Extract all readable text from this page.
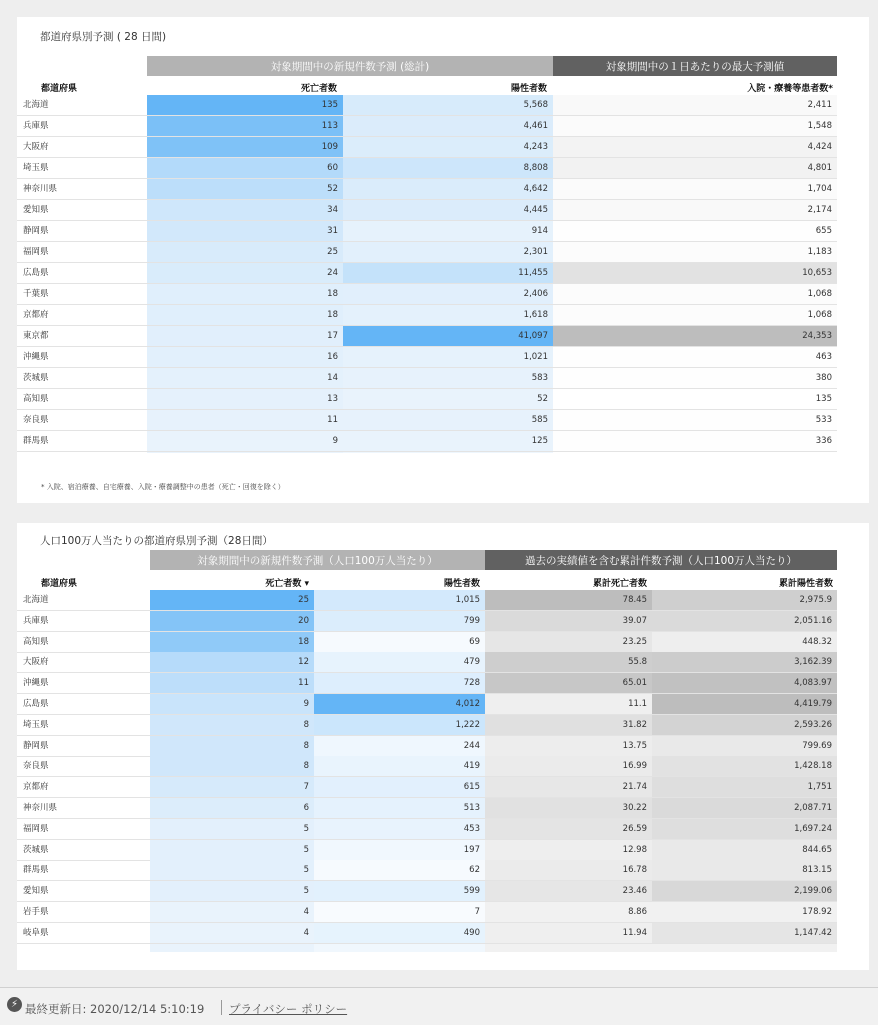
都道府県別予測 ( 28 日間)
対象期間中の新規件数予測 (総計)	対象期間中の１日あたりの最大予測値
都道府県	死亡者数	陽性者数	入院・療養等患者数*
北海道	135	5,568	2,411
兵庫県	113	4,461	1,548
大阪府	109	4,243	4,424
埼玉県	60	8,808	4,801
神奈川県	52	4,642	1,704
愛知県	34	4,445	2,174
静岡県	31	914	655
福岡県	25	2,301	1,183
広島県	24	11,455	10,653
千葉県	18	2,406	1,068
京都府	18	1,618	1,068
東京都	17	41,097	24,353
沖縄県	16	1,021	463
茨城県	14	583	380
高知県	13	52	135
奈良県	11	585	533
群馬県	9	125	336
* 入院、宿泊療養、自宅療養、入院・療養調整中の患者（死亡・回復を除く）
人口100万人当たりの都道府県別予測（28日間）
対象期間中の新規件数予測（人口100万人当たり）	過去の実績値を含む累計件数予測（人口100万人当たり）
都道府県	死亡者数 ▾	陽性者数	累計死亡者数	累計陽性者数
北海道	25	1,015	78.45	2,975.9
兵庫県	20	799	39.07	2,051.16
高知県	18	69	23.25	448.32
大阪府	12	479	55.8	3,162.39
沖縄県	11	728	65.01	4,083.97
広島県	9	4,012	11.1	4,419.79
埼玉県	8	1,222	31.82	2,593.26
静岡県	8	244	13.75	799.69
奈良県	8	419	16.99	1,428.18
京都府	7	615	21.74	1,751
神奈川県	6	513	30.22	2,087.71
福岡県	5	453	26.59	1,697.24
茨城県	5	197	12.98	844.65
群馬県	5	62	16.78	813.15
愛知県	5	599	23.46	2,199.06
岩手県	4	7	8.86	178.92
岐阜県	4	490	11.94	1,147.42
⚡ 最終更新日: 2020/12/14 5:10:19 プライバシー ポリシー
